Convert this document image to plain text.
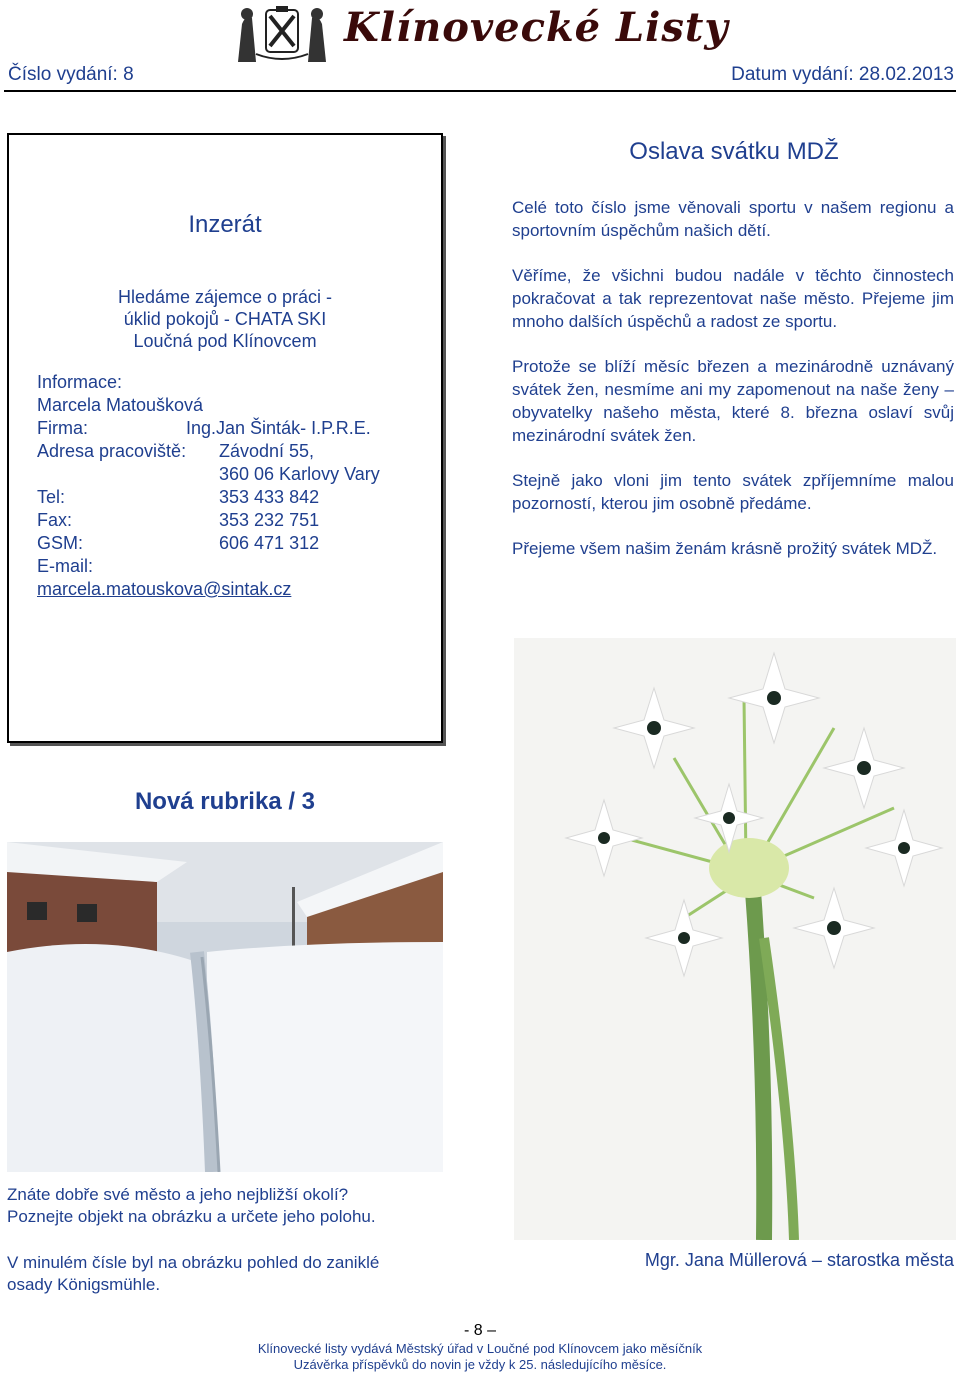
Klínovecké Listy
Číslo vydání: 8	Datum vydání: 28.02.2013
Inzerát
Hledáme zájemce o práci -
úklid pokojů - CHATA SKI
Loučná pod Klínovcem
Informace:
Marcela Matoušková
Firma:	Ing.Jan Šinták- I.P.R.E.
Adresa pracoviště: Závodní 55,
360 06 Karlovy Vary
Tel:	353 433 842
Fax:	353 232 751
GSM:	606 471 312
E-mail:
marcela.matouskova@sintak.cz
Oslava svátku MDŽ

Celé toto číslo jsme věnovali sportu v našem regionu a sportovním úspěchům našich dětí.

Věříme, že všichni budou nadále v těchto činnostech pokračovat a tak reprezentovat naše město. Přejeme jim mnoho dalších úspěchů a radost ze sportu.

Protože se blíží měsíc březen a mezinárodně uznávaný svátek žen, nesmíme ani my zapomenout na naše ženy – obyvatelky našeho města, které 8. března oslaví svůj mezinárodní svátek žen.

Stejně jako vloni jim tento svátek zpříjemníme malou pozorností, kterou jim osobně předáme.

Přejeme všem našim ženám krásně prožitý svátek MDŽ.

Mgr. Jana Müllerová – starostka města
Nová rubrika / 3
Znáte dobře své město a jeho nejbližší okolí?
Poznejte objekt na obrázku a určete jeho polohu.
V minulém čísle byl na obrázku pohled do zaniklé
osady Königsmühle.
- 8 –
Klínovecké listy vydává Městský úřad v Loučné pod Klínovcem jako měsíčník
Uzávěrka příspěvků do novin je vždy k 25. následujícího měsíce.
